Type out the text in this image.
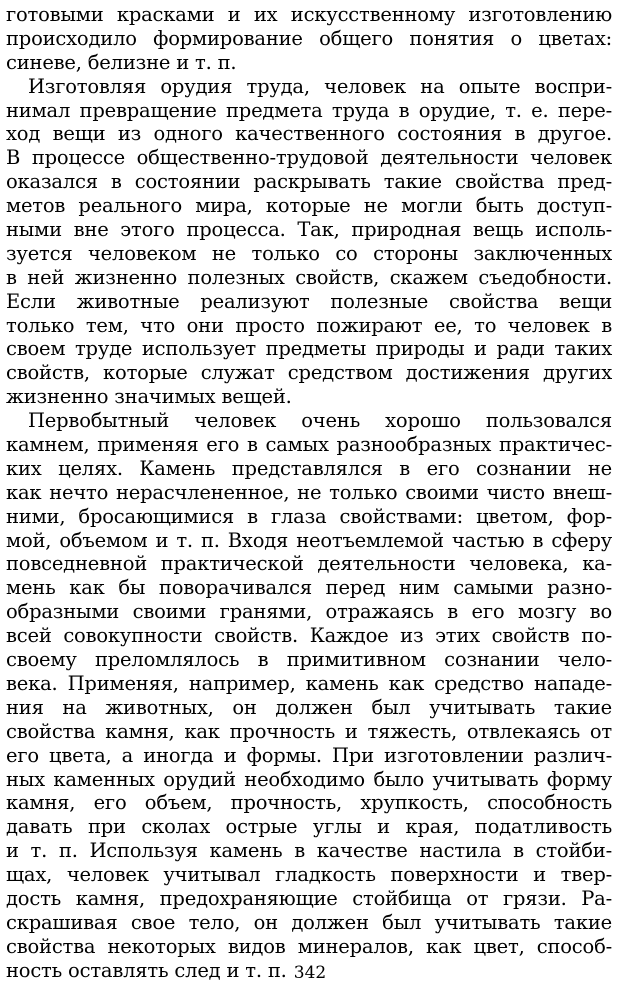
готовыми красками и их искусственному изготовлению
происходило формирование общего понятия о цветах:
синеве, белизне и т. п.
Изготовляя орудия труда, человек на опыте воспри-
нимал превращение предмета труда в орудие, т. е. пере-
ход вещи из одного качественного состояния в другое.
В процессе общественно-трудовой деятельности человек
оказался в состоянии раскрывать такие свойства пред-
метов реального мира, которые не могли быть доступ-
ными вне этого процесса. Так, природная вещь исполь-
зуется человеком не только со стороны заключенных
в ней жизненно полезных свойств, скажем съедобности.
Если животные реализуют полезные свойства вещи
только тем, что они просто пожирают ее, то человек в
своем труде использует предметы природы и ради таких
свойств, которые служат средством достижения других
жизненно значимых вещей.
Первобытный человек очень хорошо пользовался
камнем, применяя его в самых разнообразных практичес-
ких целях. Камень представлялся в его сознании не
как нечто нерасчлененное, не только своими чисто внеш-
ними, бросающимися в глаза свойствами: цветом, фор-
мой, объемом и т. п. Входя неотъемлемой частью в сферу
повседневной практической деятельности человека, ка-
мень как бы поворачивался перед ним самыми разно-
образными своими гранями, отражаясь в его мозгу во
всей совокупности свойств. Каждое из этих свойств по-
своему преломлялось в примитивном сознании чело-
века. Применяя, например, камень как средство нападе-
ния на животных, он должен был учитывать такие
свойства камня, как прочность и тяжесть, отвлекаясь от
его цвета, а иногда и формы. При изготовлении различ-
ных каменных орудий необходимо было учитывать форму
камня, его объем, прочность, хрупкость, способность
давать при сколах острые углы и края, податливость
и т. п. Используя камень в качестве настила в стойби-
щах, человек учитывал гладкость поверхности и твер-
дость камня, предохраняющие стойбища от грязи. Ра-
скрашивая свое тело, он должен был учитывать такие
свойства некоторых видов минералов, как цвет, способ-
ность оставлять след и т. п. 342
